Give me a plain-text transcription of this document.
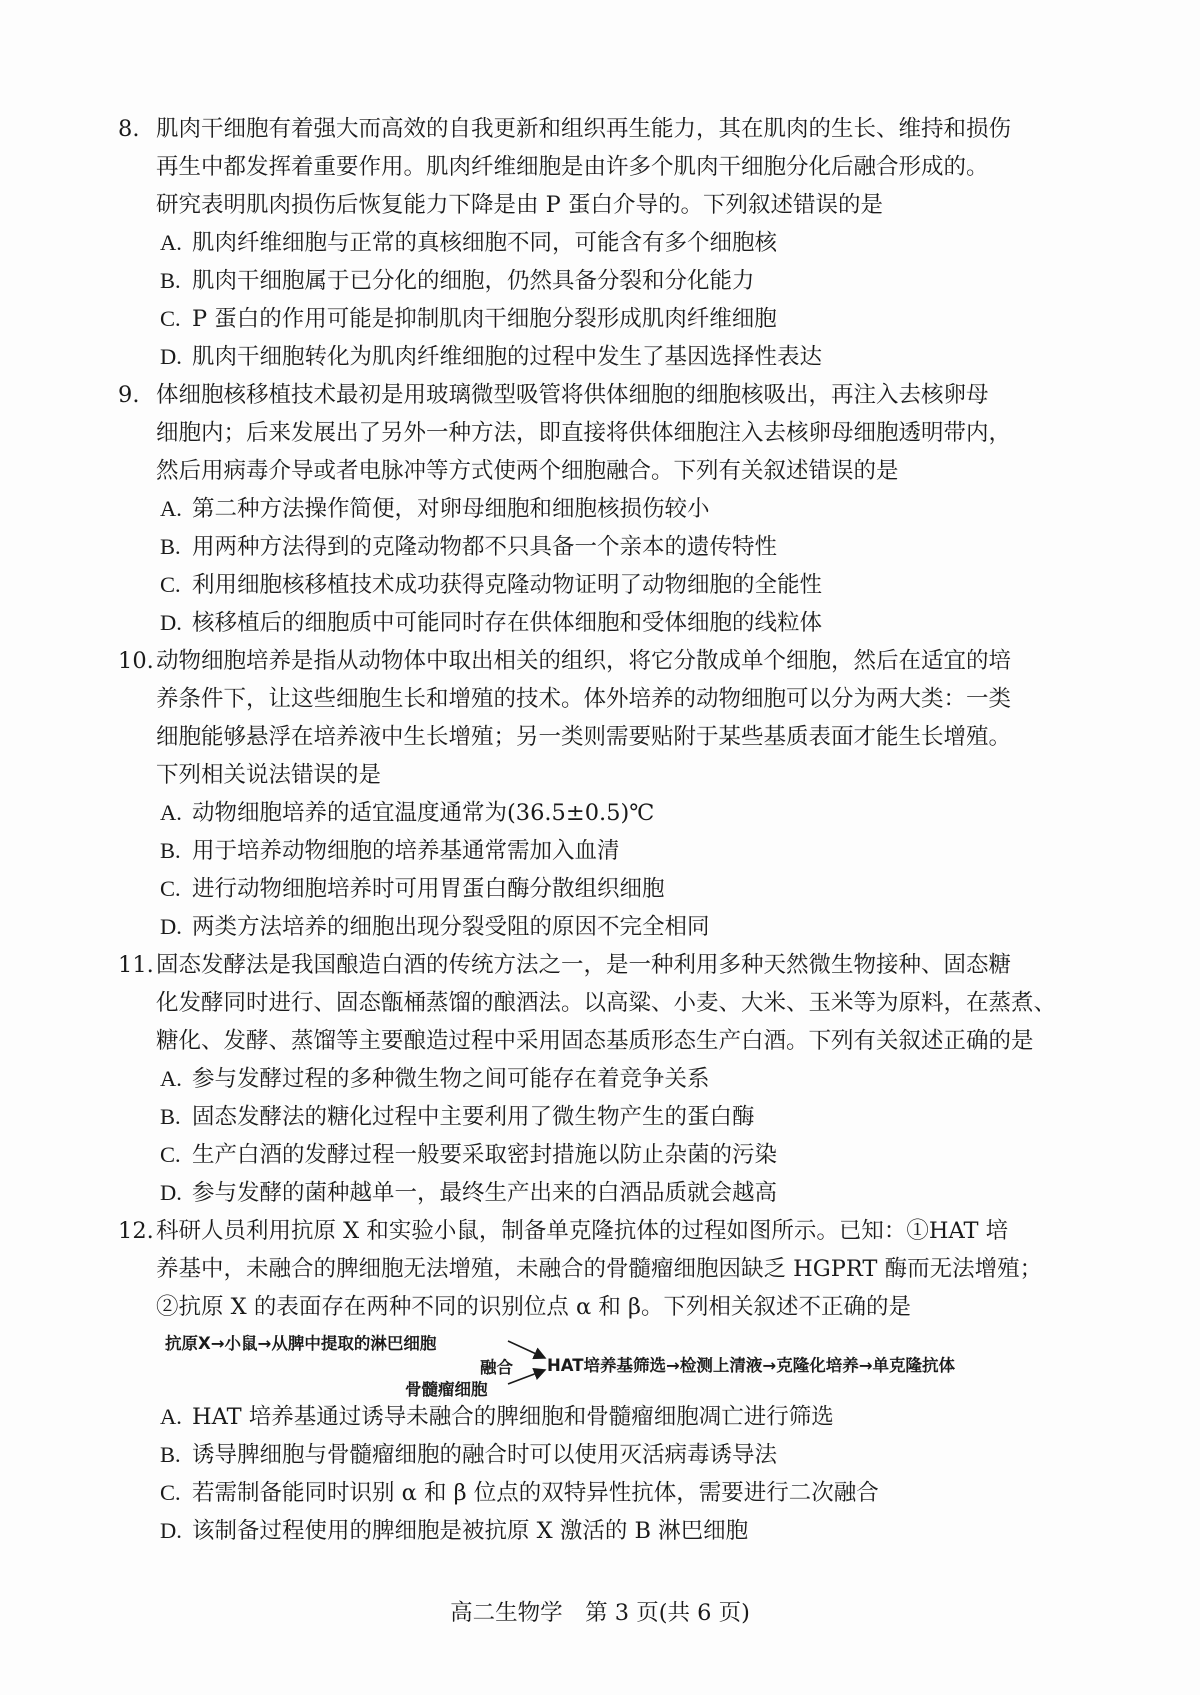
8. 肌肉干细胞有着强大而高效的自我更新和组织再生能力，其在肌肉的生长、维持和损伤
再生中都发挥着重要作用。肌肉纤维细胞是由许多个肌肉干细胞分化后融合形成的。
研究表明肌肉损伤后恢复能力下降是由 P 蛋白介导的。下列叙述错误的是
A. 肌肉纤维细胞与正常的真核细胞不同，可能含有多个细胞核
B. 肌肉干细胞属于已分化的细胞，仍然具备分裂和分化能力
C. P 蛋白的作用可能是抑制肌肉干细胞分裂形成肌肉纤维细胞
D. 肌肉干细胞转化为肌肉纤维细胞的过程中发生了基因选择性表达
9. 体细胞核移植技术最初是用玻璃微型吸管将供体细胞的细胞核吸出，再注入去核卵母
细胞内；后来发展出了另外一种方法，即直接将供体细胞注入去核卵母细胞透明带内，
然后用病毒介导或者电脉冲等方式使两个细胞融合。下列有关叙述错误的是
A. 第二种方法操作简便，对卵母细胞和细胞核损伤较小
B. 用两种方法得到的克隆动物都不只具备一个亲本的遗传特性
C. 利用细胞核移植技术成功获得克隆动物证明了动物细胞的全能性
D. 核移植后的细胞质中可能同时存在供体细胞和受体细胞的线粒体
10. 动物细胞培养是指从动物体中取出相关的组织，将它分散成单个细胞，然后在适宜的培
养条件下，让这些细胞生长和增殖的技术。体外培养的动物细胞可以分为两大类：一类
细胞能够悬浮在培养液中生长增殖；另一类则需要贴附于某些基质表面才能生长增殖。
下列相关说法错误的是
A. 动物细胞培养的适宜温度通常为(36.5±0.5)℃
B. 用于培养动物细胞的培养基通常需加入血清
C. 进行动物细胞培养时可用胃蛋白酶分散组织细胞
D. 两类方法培养的细胞出现分裂受阻的原因不完全相同
11. 固态发酵法是我国酿造白酒的传统方法之一，是一种利用多种天然微生物接种、固态糖
化发酵同时进行、固态甑桶蒸馏的酿酒法。以高粱、小麦、大米、玉米等为原料，在蒸煮、
糖化、发酵、蒸馏等主要酿造过程中采用固态基质形态生产白酒。下列有关叙述正确的是
A. 参与发酵过程的多种微生物之间可能存在着竞争关系
B. 固态发酵法的糖化过程中主要利用了微生物产生的蛋白酶
C. 生产白酒的发酵过程一般要采取密封措施以防止杂菌的污染
D. 参与发酵的菌种越单一，最终生产出来的白酒品质就会越高
12. 科研人员利用抗原 X 和实验小鼠，制备单克隆抗体的过程如图所示。已知：①HAT 培
养基中，未融合的脾细胞无法增殖，未融合的骨髓瘤细胞因缺乏 HGPRT 酶而无法增殖；
②抗原 X 的表面存在两种不同的识别位点 α 和 β。下列相关叙述不正确的是
抗原X→小鼠→从脾中提取的淋巴细胞
融合 HAT培养基筛选→检测上清液→克隆化培养→单克隆抗体
骨髓瘤细胞
A. HAT 培养基通过诱导未融合的脾细胞和骨髓瘤细胞凋亡进行筛选
B. 诱导脾细胞与骨髓瘤细胞的融合时可以使用灭活病毒诱导法
C. 若需制备能同时识别 α 和 β 位点的双特异性抗体，需要进行二次融合
D. 该制备过程使用的脾细胞是被抗原 X 激活的 B 淋巴细胞
高二生物学　第 3 页(共 6 页)
